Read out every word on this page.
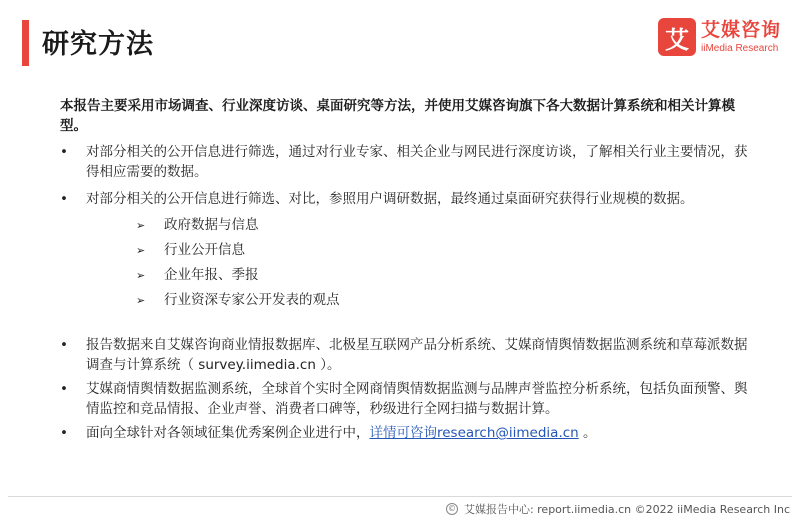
研究方法	艾 艾媒咨询
iiMedia Research

本报告主要采用市场调查、行业深度访谈、桌面研究等方法，并使用艾媒咨询旗下各大数据计算系统和相关计算模型。

• 对部分相关的公开信息进行筛选，通过对行业专家、相关企业与网民进行深度访谈，了解相关行业主要情况，获得相应需要的数据。
• 对部分相关的公开信息进行筛选、对比，参照用户调研数据，最终通过桌面研究获得行业规模的数据。
➢ 政府数据与信息
➢ 行业公开信息
➢ 企业年报、季报
➢ 行业资深专家公开发表的观点
• 报告数据来自艾媒咨询商业情报数据库、北极星互联网产品分析系统、艾媒商情舆情数据监测系统和草莓派数据调查与计算系统（ survey.iimedia.cn ）。
• 艾媒商情舆情数据监测系统，全球首个实时全网商情舆情数据监测与品牌声誉监控分析系统，包括负面预警、舆情监控和竞品情报、企业声誉、消费者口碑等，秒级进行全网扫描与数据计算。
• 面向全球针对各领域征集优秀案例企业进行中，详情可咨询research@iimedia.cn 。
© 艾媒报告中心: report.iimedia.cn ©2022 iiMedia Research Inc
